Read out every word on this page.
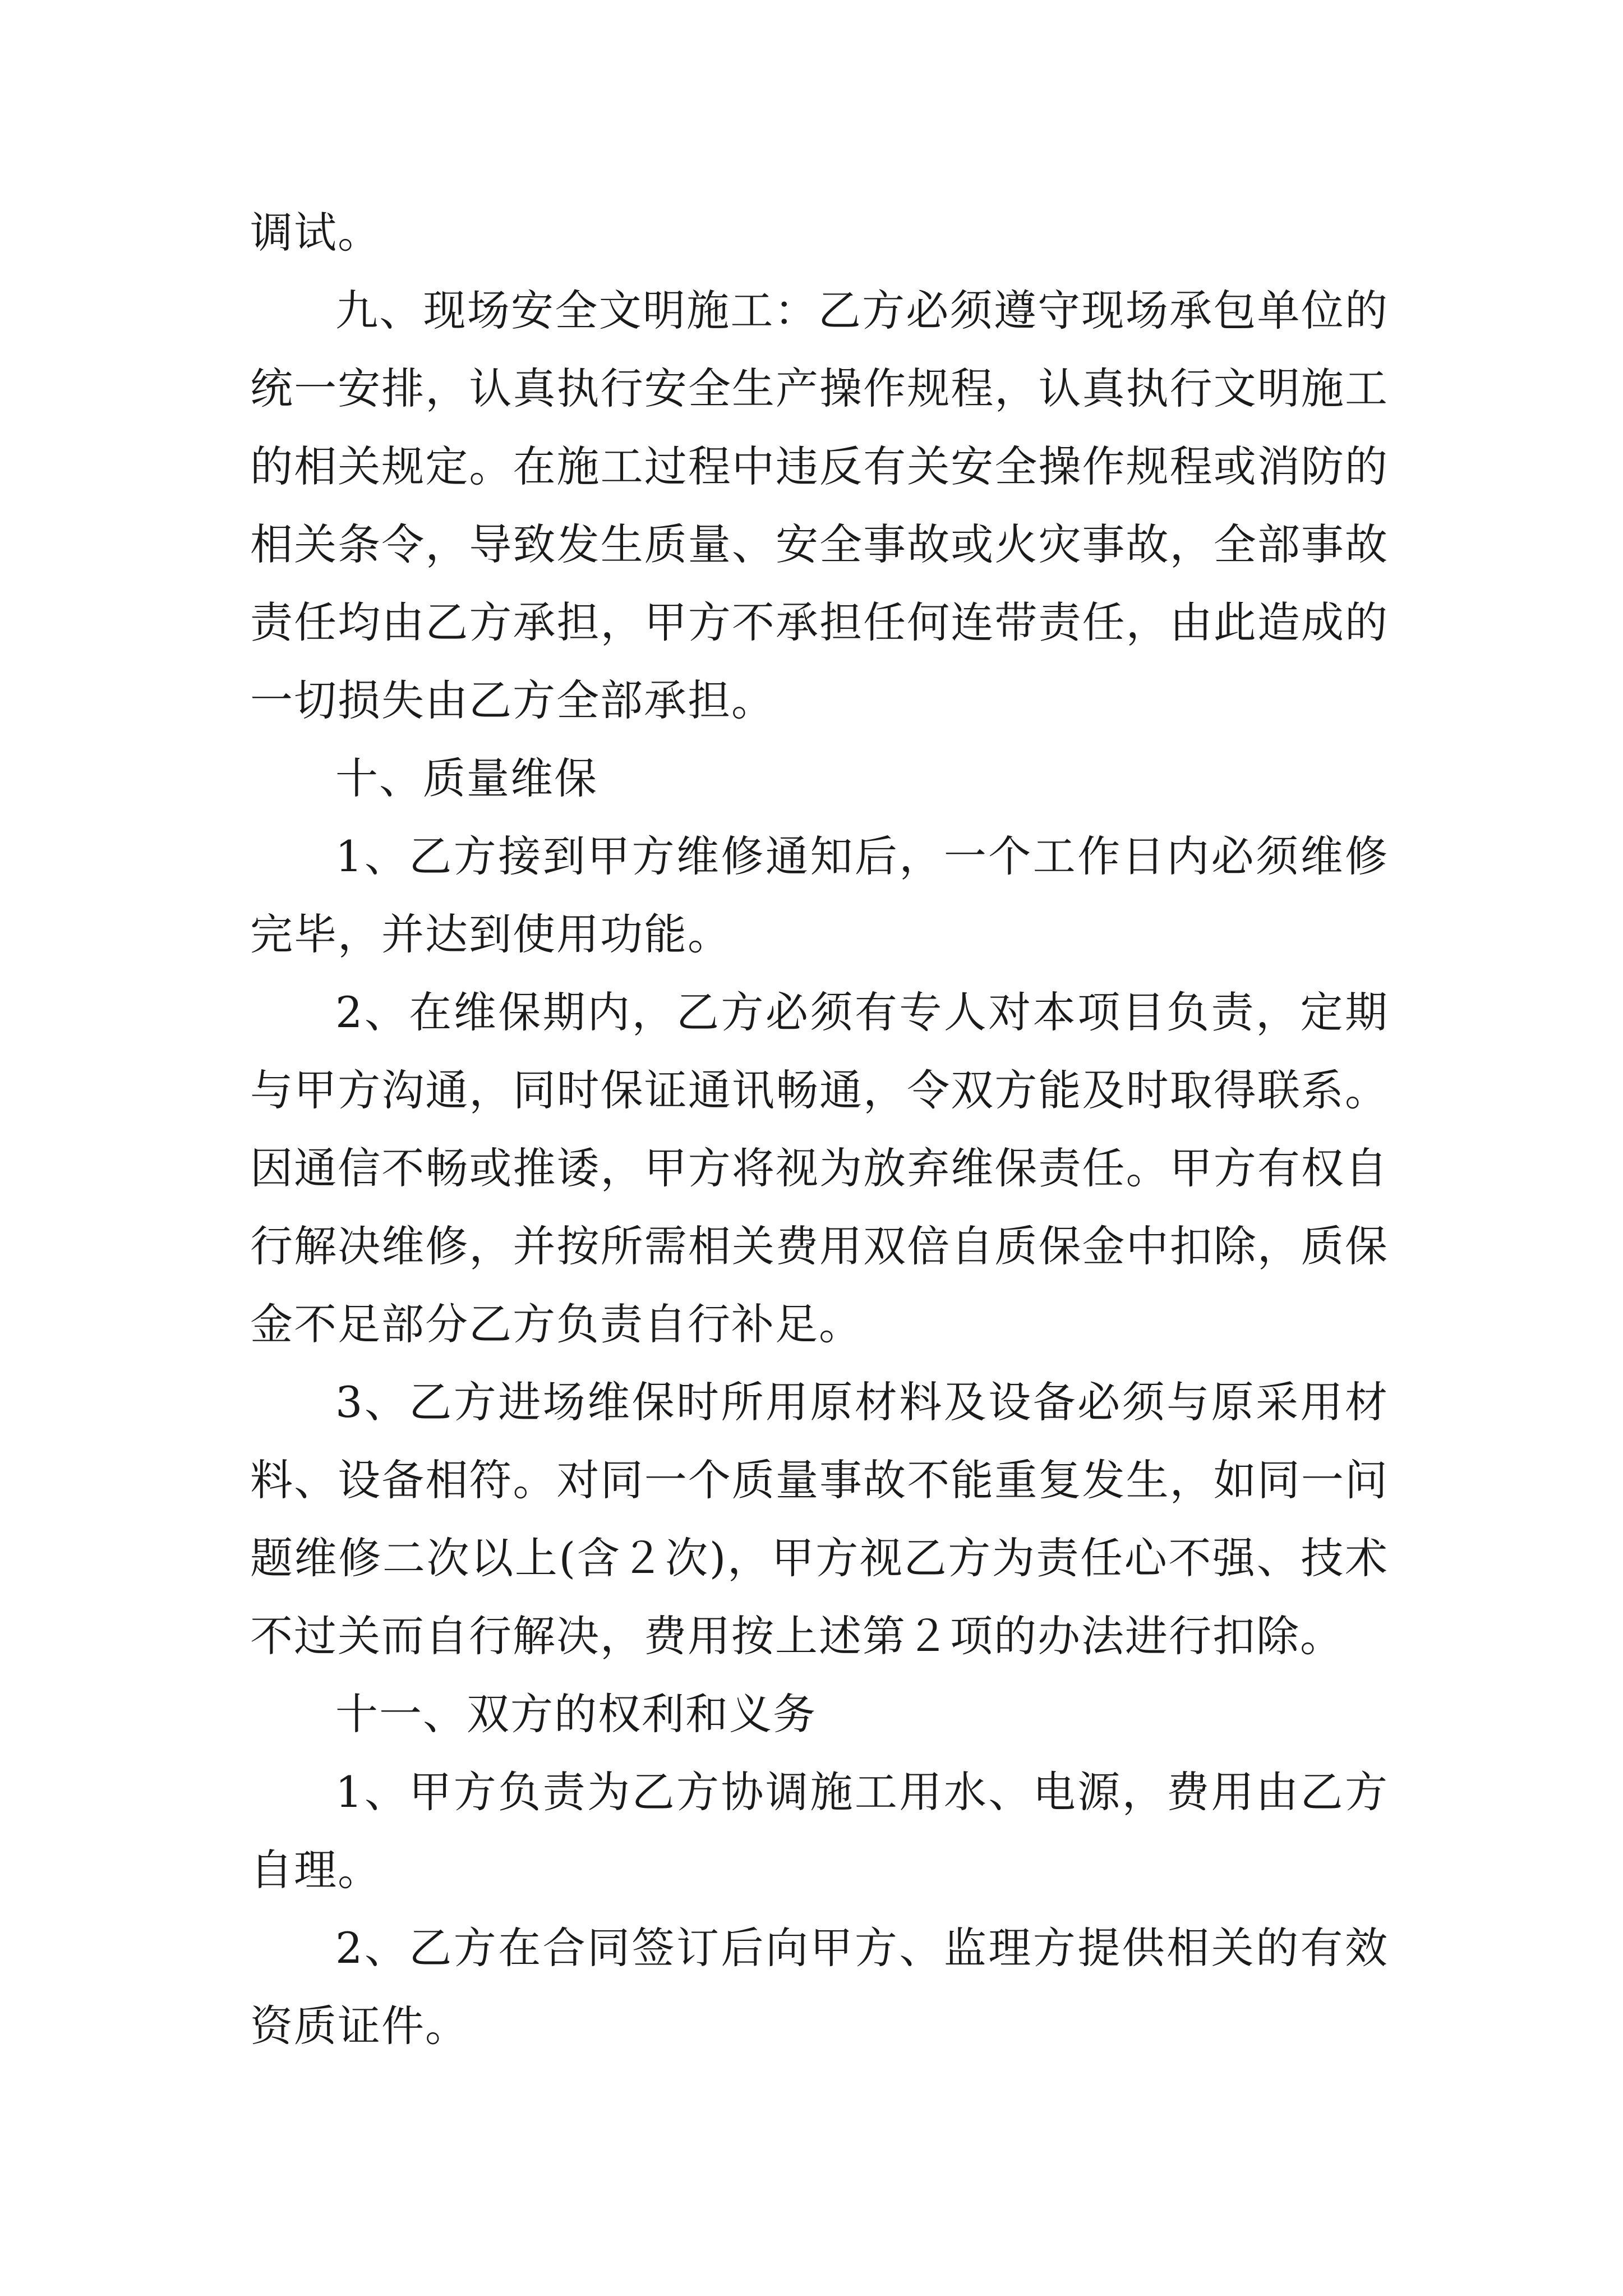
调试。

九、现场安全文明施工：乙方必须遵守现场承包单位的统一安排，认真执行安全生产操作规程，认真执行文明施工的相关规定。在施工过程中违反有关安全操作规程或消防的相关条令，导致发生质量、安全事故或火灾事故，全部事故责任均由乙方承担，甲方不承担任何连带责任，由此造成的一切损失由乙方全部承担。

十、质量维保

1、乙方接到甲方维修通知后，一个工作日内必须维修完毕，并达到使用功能。

2、在维保期内，乙方必须有专人对本项目负责，定期与甲方沟通，同时保证通讯畅通，令双方能及时取得联系。因通信不畅或推诿，甲方将视为放弃维保责任。甲方有权自行解决维修，并按所需相关费用双倍自质保金中扣除，质保金不足部分乙方负责自行补足。

3、乙方进场维保时所用原材料及设备必须与原采用材料、设备相符。对同一个质量事故不能重复发生，如同一问题维修二次以上(含２次)，甲方视乙方为责任心不强、技术不过关而自行解决，费用按上述第２项的办法进行扣除。

十一、双方的权利和义务

1、甲方负责为乙方协调施工用水、电源，费用由乙方自理。

2、乙方在合同签订后向甲方、监理方提供相关的有效资质证件。
